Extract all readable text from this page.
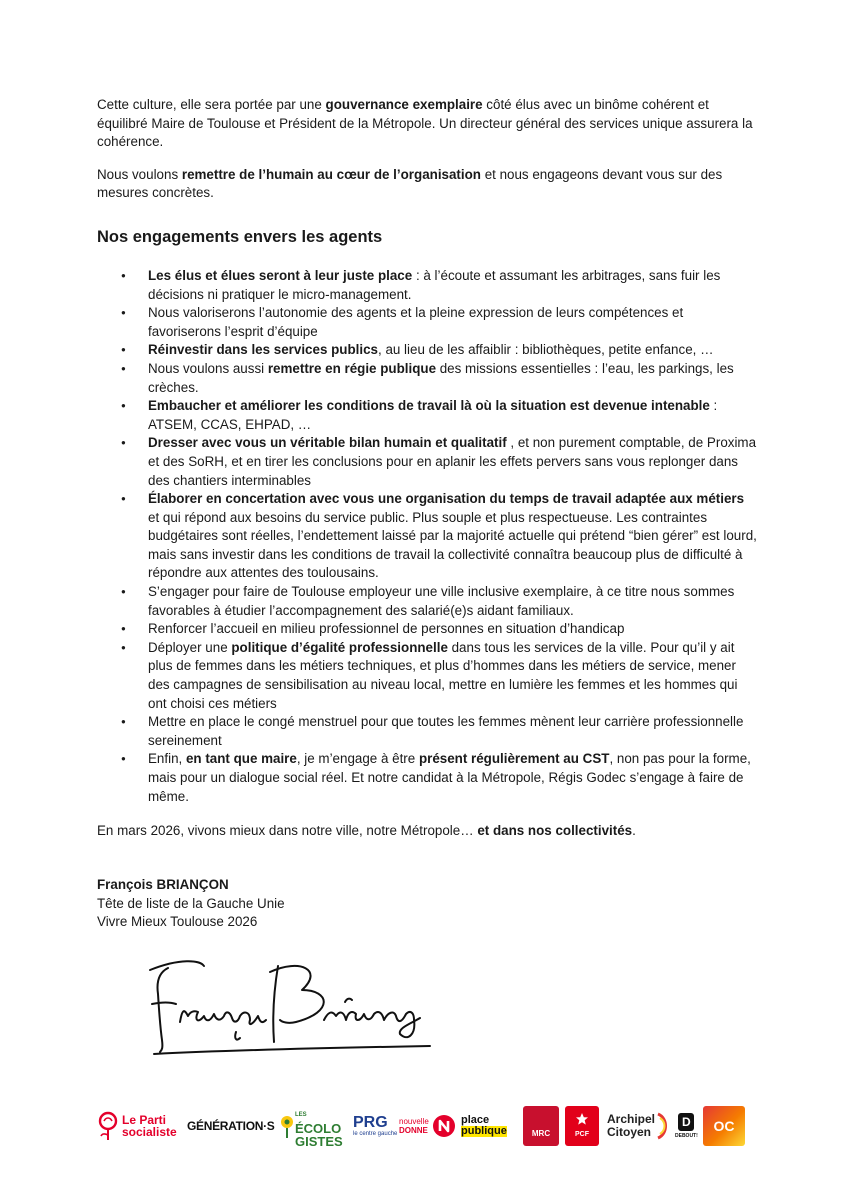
Cette culture, elle sera portée par une gouvernance exemplaire côté élus avec un binôme cohérent et équilibré Maire de Toulouse et Président de la Métropole. Un directeur général des services unique assurera la cohérence.

Nous voulons remettre de l’humain au cœur de l’organisation et nous engageons devant vous sur des mesures concrètes.

Nos engagements envers les agents
● Les élus et élues seront à leur juste place : à l’écoute et assumant les arbitrages, sans fuir les décisions ni pratiquer le micro-management.
● Nous valoriserons l’autonomie des agents et la pleine expression de leurs compétences et favoriserons l’esprit d’équipe
● Réinvestir dans les services publics, au lieu de les affaiblir : bibliothèques, petite enfance, …
● Nous voulons aussi remettre en régie publique des missions essentielles : l’eau, les parkings, les crèches.
● Embaucher et améliorer les conditions de travail là où la situation est devenue intenable : ATSEM, CCAS, EHPAD, …
● Dresser avec vous un véritable bilan humain et qualitatif , et non purement comptable, de Proxima et des SoRH, et en tirer les conclusions pour en aplanir les effets pervers sans vous replonger dans des chantiers interminables
● Élaborer en concertation avec vous une organisation du temps de travail adaptée aux métiers et qui répond aux besoins du service public. Plus souple et plus respectueuse. Les contraintes budgétaires sont réelles, l’endettement laissé par la majorité actuelle qui prétend “bien gérer” est lourd, mais sans investir dans les conditions de travail la collectivité connaîtra beaucoup plus de difficulté à répondre aux attentes des toulousains.
● S’engager pour faire de Toulouse employeur une ville inclusive exemplaire, à ce titre nous sommes favorables à étudier l’accompagnement des salarié(e)s aidant familiaux.
● Renforcer l’accueil en milieu professionnel de personnes en situation d’handicap
● Déployer une politique d’égalité professionnelle dans tous les services de la ville. Pour qu’il y ait plus de femmes dans les métiers techniques, et plus d’hommes dans les métiers de service, mener des campagnes de sensibilisation au niveau local, mettre en lumière les femmes et les hommes qui ont choisi ces métiers
● Mettre en place le congé menstruel pour que toutes les femmes mènent leur carrière professionnelle sereinement
● Enfin, en tant que maire, je m’engage à être présent régulièrement au CST, non pas pour la forme, mais pour un dialogue social réel. Et notre candidat à la Métropole, Régis Godec s’engage à faire de même.

En mars 2026, vivons mieux dans notre ville, notre Métropole… et dans nos collectivités.

François BRIANÇON
Tête de liste de la Gauche Unie
Vivre Mieux Toulouse 2026
Le Parti
socialiste GÉNÉRATION·S
LES
ÉCOLO
GISTES
PRG
le centre gauche
nouvelle
DONNE
place
publique	MRC	PCF
Archipel
Citoyen
D
DEBOUT!
OC
